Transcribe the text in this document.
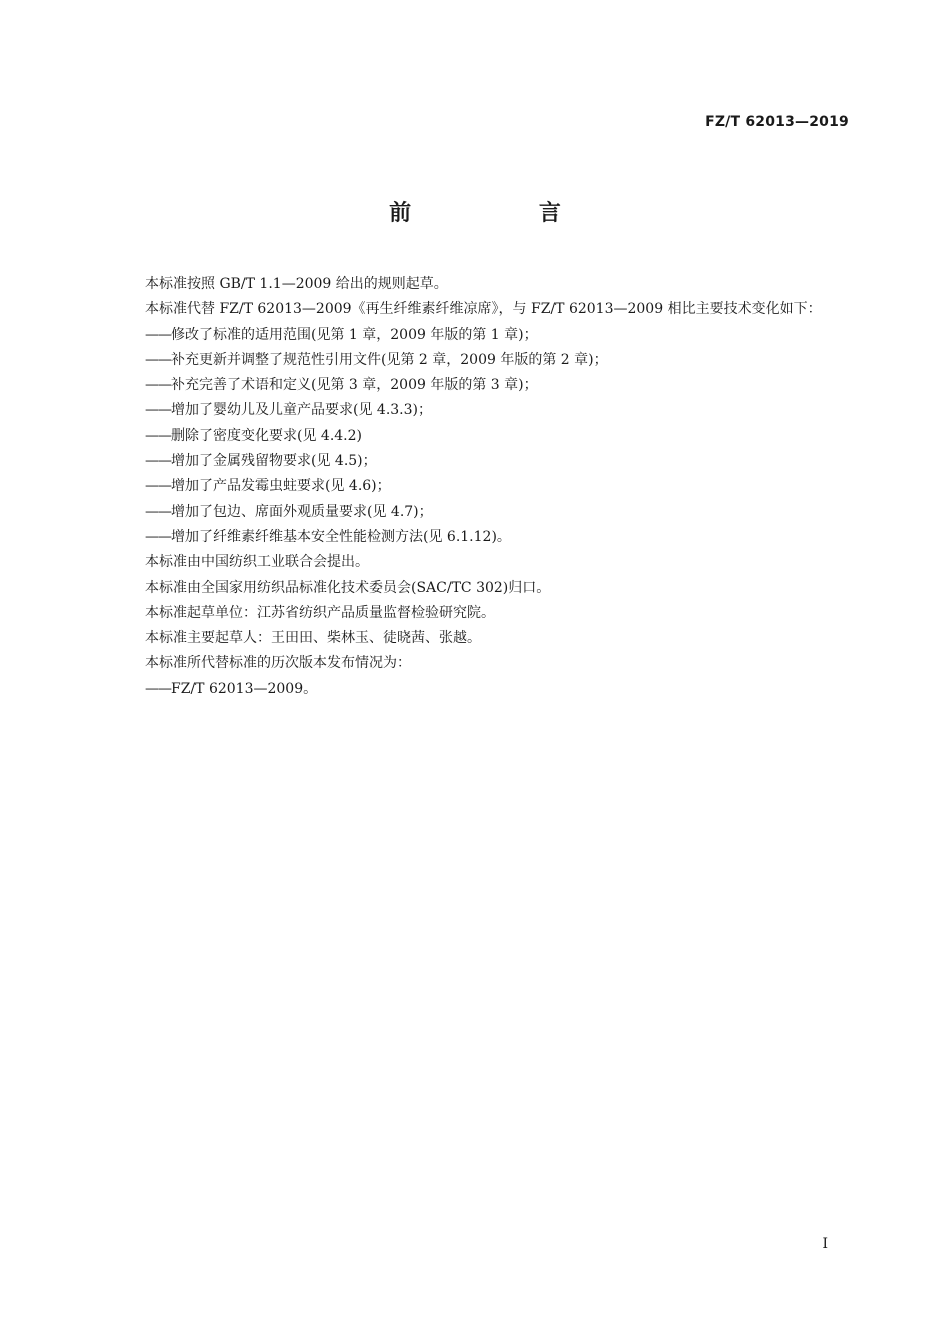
FZ/T 62013—2019
前 言

本标准按照 GB/T 1.1—2009 给出的规则起草。

本标准代替 FZ/T 62013—2009《再生纤维素纤维凉席》，与 FZ/T 62013—2009 相比主要技术变化如下：

——修改了标准的适用范围(见第 1 章，2009 年版的第 1 章)；

——补充更新并调整了规范性引用文件(见第 2 章，2009 年版的第 2 章)；

——补充完善了术语和定义(见第 3 章，2009 年版的第 3 章)；

——增加了婴幼儿及儿童产品要求(见 4.3.3)；

——删除了密度变化要求(见 4.4.2)

——增加了金属残留物要求(见 4.5)；

——增加了产品发霉虫蛀要求(见 4.6)；

——增加了包边、席面外观质量要求(见 4.7)；

——增加了纤维素纤维基本安全性能检测方法(见 6.1.12)。

本标准由中国纺织工业联合会提出。

本标准由全国家用纺织品标准化技术委员会(SAC/TC 302)归口。

本标准起草单位：江苏省纺织产品质量监督检验研究院。

本标准主要起草人：王田田、柴林玉、徒晓茜、张越。

本标准所代替标准的历次版本发布情况为：

——FZ/T 62013—2009。

I
